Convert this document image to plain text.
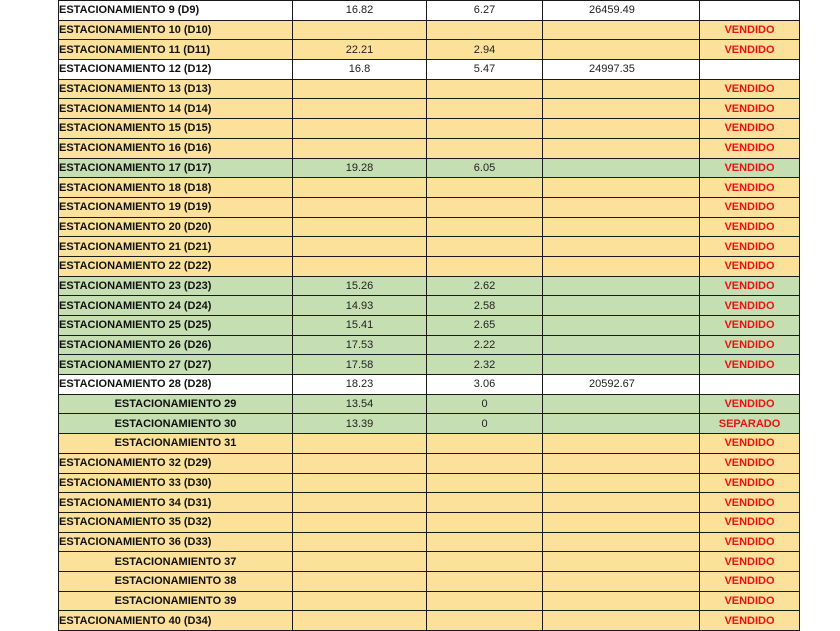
ESTACIONAMIENTO 9 (D9)	16.82	6.27	26459.49	
ESTACIONAMIENTO 10 (D10)				VENDIDO
ESTACIONAMIENTO 11 (D11)	22.21	2.94		VENDIDO
ESTACIONAMIENTO 12 (D12)	16.8	5.47	24997.35	
ESTACIONAMIENTO 13 (D13)				VENDIDO
ESTACIONAMIENTO 14 (D14)				VENDIDO
ESTACIONAMIENTO 15 (D15)				VENDIDO
ESTACIONAMIENTO 16 (D16)				VENDIDO
ESTACIONAMIENTO 17 (D17)	19.28	6.05		VENDIDO
ESTACIONAMIENTO 18 (D18)				VENDIDO
ESTACIONAMIENTO 19 (D19)				VENDIDO
ESTACIONAMIENTO 20 (D20)				VENDIDO
ESTACIONAMIENTO 21 (D21)				VENDIDO
ESTACIONAMIENTO 22 (D22)				VENDIDO
ESTACIONAMIENTO 23 (D23)	15.26	2.62		VENDIDO
ESTACIONAMIENTO 24 (D24)	14.93	2.58		VENDIDO
ESTACIONAMIENTO 25 (D25)	15.41	2.65		VENDIDO
ESTACIONAMIENTO 26 (D26)	17.53	2.22		VENDIDO
ESTACIONAMIENTO 27 (D27)	17.58	2.32		VENDIDO
ESTACIONAMIENTO 28 (D28)	18.23	3.06	20592.67	
ESTACIONAMIENTO 29	13.54	0		VENDIDO
ESTACIONAMIENTO 30	13.39	0		SEPARADO
ESTACIONAMIENTO 31				VENDIDO
ESTACIONAMIENTO 32 (D29)				VENDIDO
ESTACIONAMIENTO 33 (D30)				VENDIDO
ESTACIONAMIENTO 34 (D31)				VENDIDO
ESTACIONAMIENTO 35 (D32)				VENDIDO
ESTACIONAMIENTO 36 (D33)				VENDIDO
ESTACIONAMIENTO 37				VENDIDO
ESTACIONAMIENTO 38				VENDIDO
ESTACIONAMIENTO 39				VENDIDO
ESTACIONAMIENTO 40 (D34)				VENDIDO
